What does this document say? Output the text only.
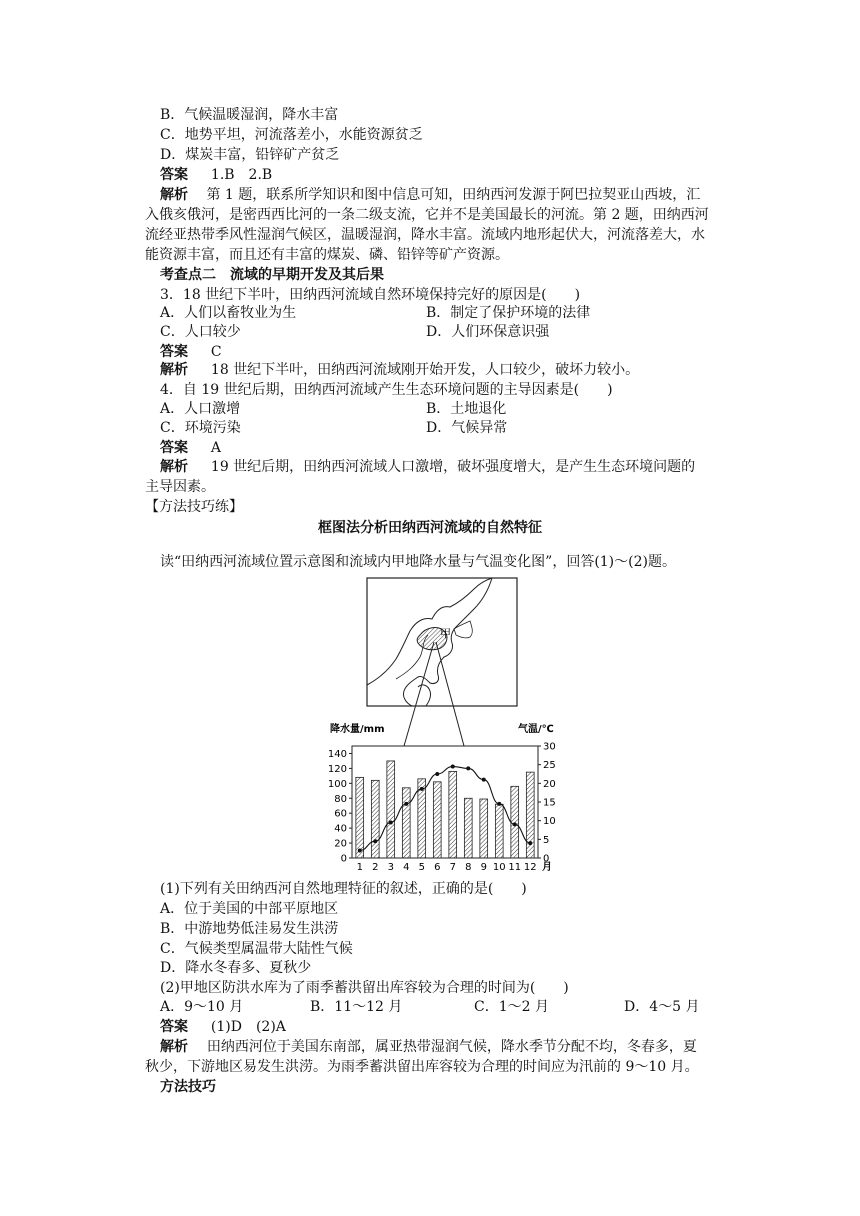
B．气候温暖湿润，降水丰富
C．地势平坦，河流落差小，水能资源贫乏
D．煤炭丰富，铅锌矿产贫乏
答案 1.B　2.B
解析 　第 1 题，联系所学知识和图中信息可知，田纳西河发源于阿巴拉契亚山西坡，汇
入俄亥俄河，是密西西比河的一条二级支流，它并不是美国最长的河流。第 2 题，田纳西河
流经亚热带季风性湿润气候区，温暖湿润，降水丰富。流域内地形起伏大，河流落差大，水
能资源丰富，而且还有丰富的煤炭、磷、铅锌等矿产资源。
考查点二　流域的早期开发及其后果
3．18 世纪下半叶，田纳西河流域自然环境保持完好的原因是(　　)
A．人们以畜牧业为生	B．制定了保护环境的法律
C．人口较少	D．人们环保意识强
答案 C
解析 18 世纪下半叶，田纳西河流域刚开始开发，人口较少，破坏力较小。
4．自 19 世纪后期，田纳西河流域产生生态环境问题的主导因素是(　　)
A．人口激增	B．土地退化
C．环境污染	D．气候异常
答案 A
解析 19 世纪后期，田纳西河流域人口激增，破坏强度增大，是产生生态环境问题的
主导因素。
【方法技巧练】
框图法分析田纳西河流域的自然特征
读“田纳西河流域位置示意图和流域内甲地降水量与气温变化图”，回答(1)～(2)题。
甲
降水量/mm	气温/℃
0
20
40
60
80
100
120
140
0
5
10
15
20
25
30
1 2 3 4 5 6 7 8 9 10 11 12 月
(1)下列有关田纳西河自然地理特征的叙述，正确的是(　　)
A．位于美国的中部平原地区
B．中游地势低洼易发生洪涝
C．气候类型属温带大陆性气候
D．降水冬春多、夏秋少
(2)甲地区防洪水库为了雨季蓄洪留出库容较为合理的时间为(　　)
A．9～10 月	B．11～12 月	C．1～2 月	D．4～5 月
答案 (1)D　(2)A
解析 田纳西河位于美国东南部，属亚热带湿润气候，降水季节分配不均，冬春多，夏
秋少，下游地区易发生洪涝。为雨季蓄洪留出库容较为合理的时间应为汛前的 9～10 月。
方法技巧
